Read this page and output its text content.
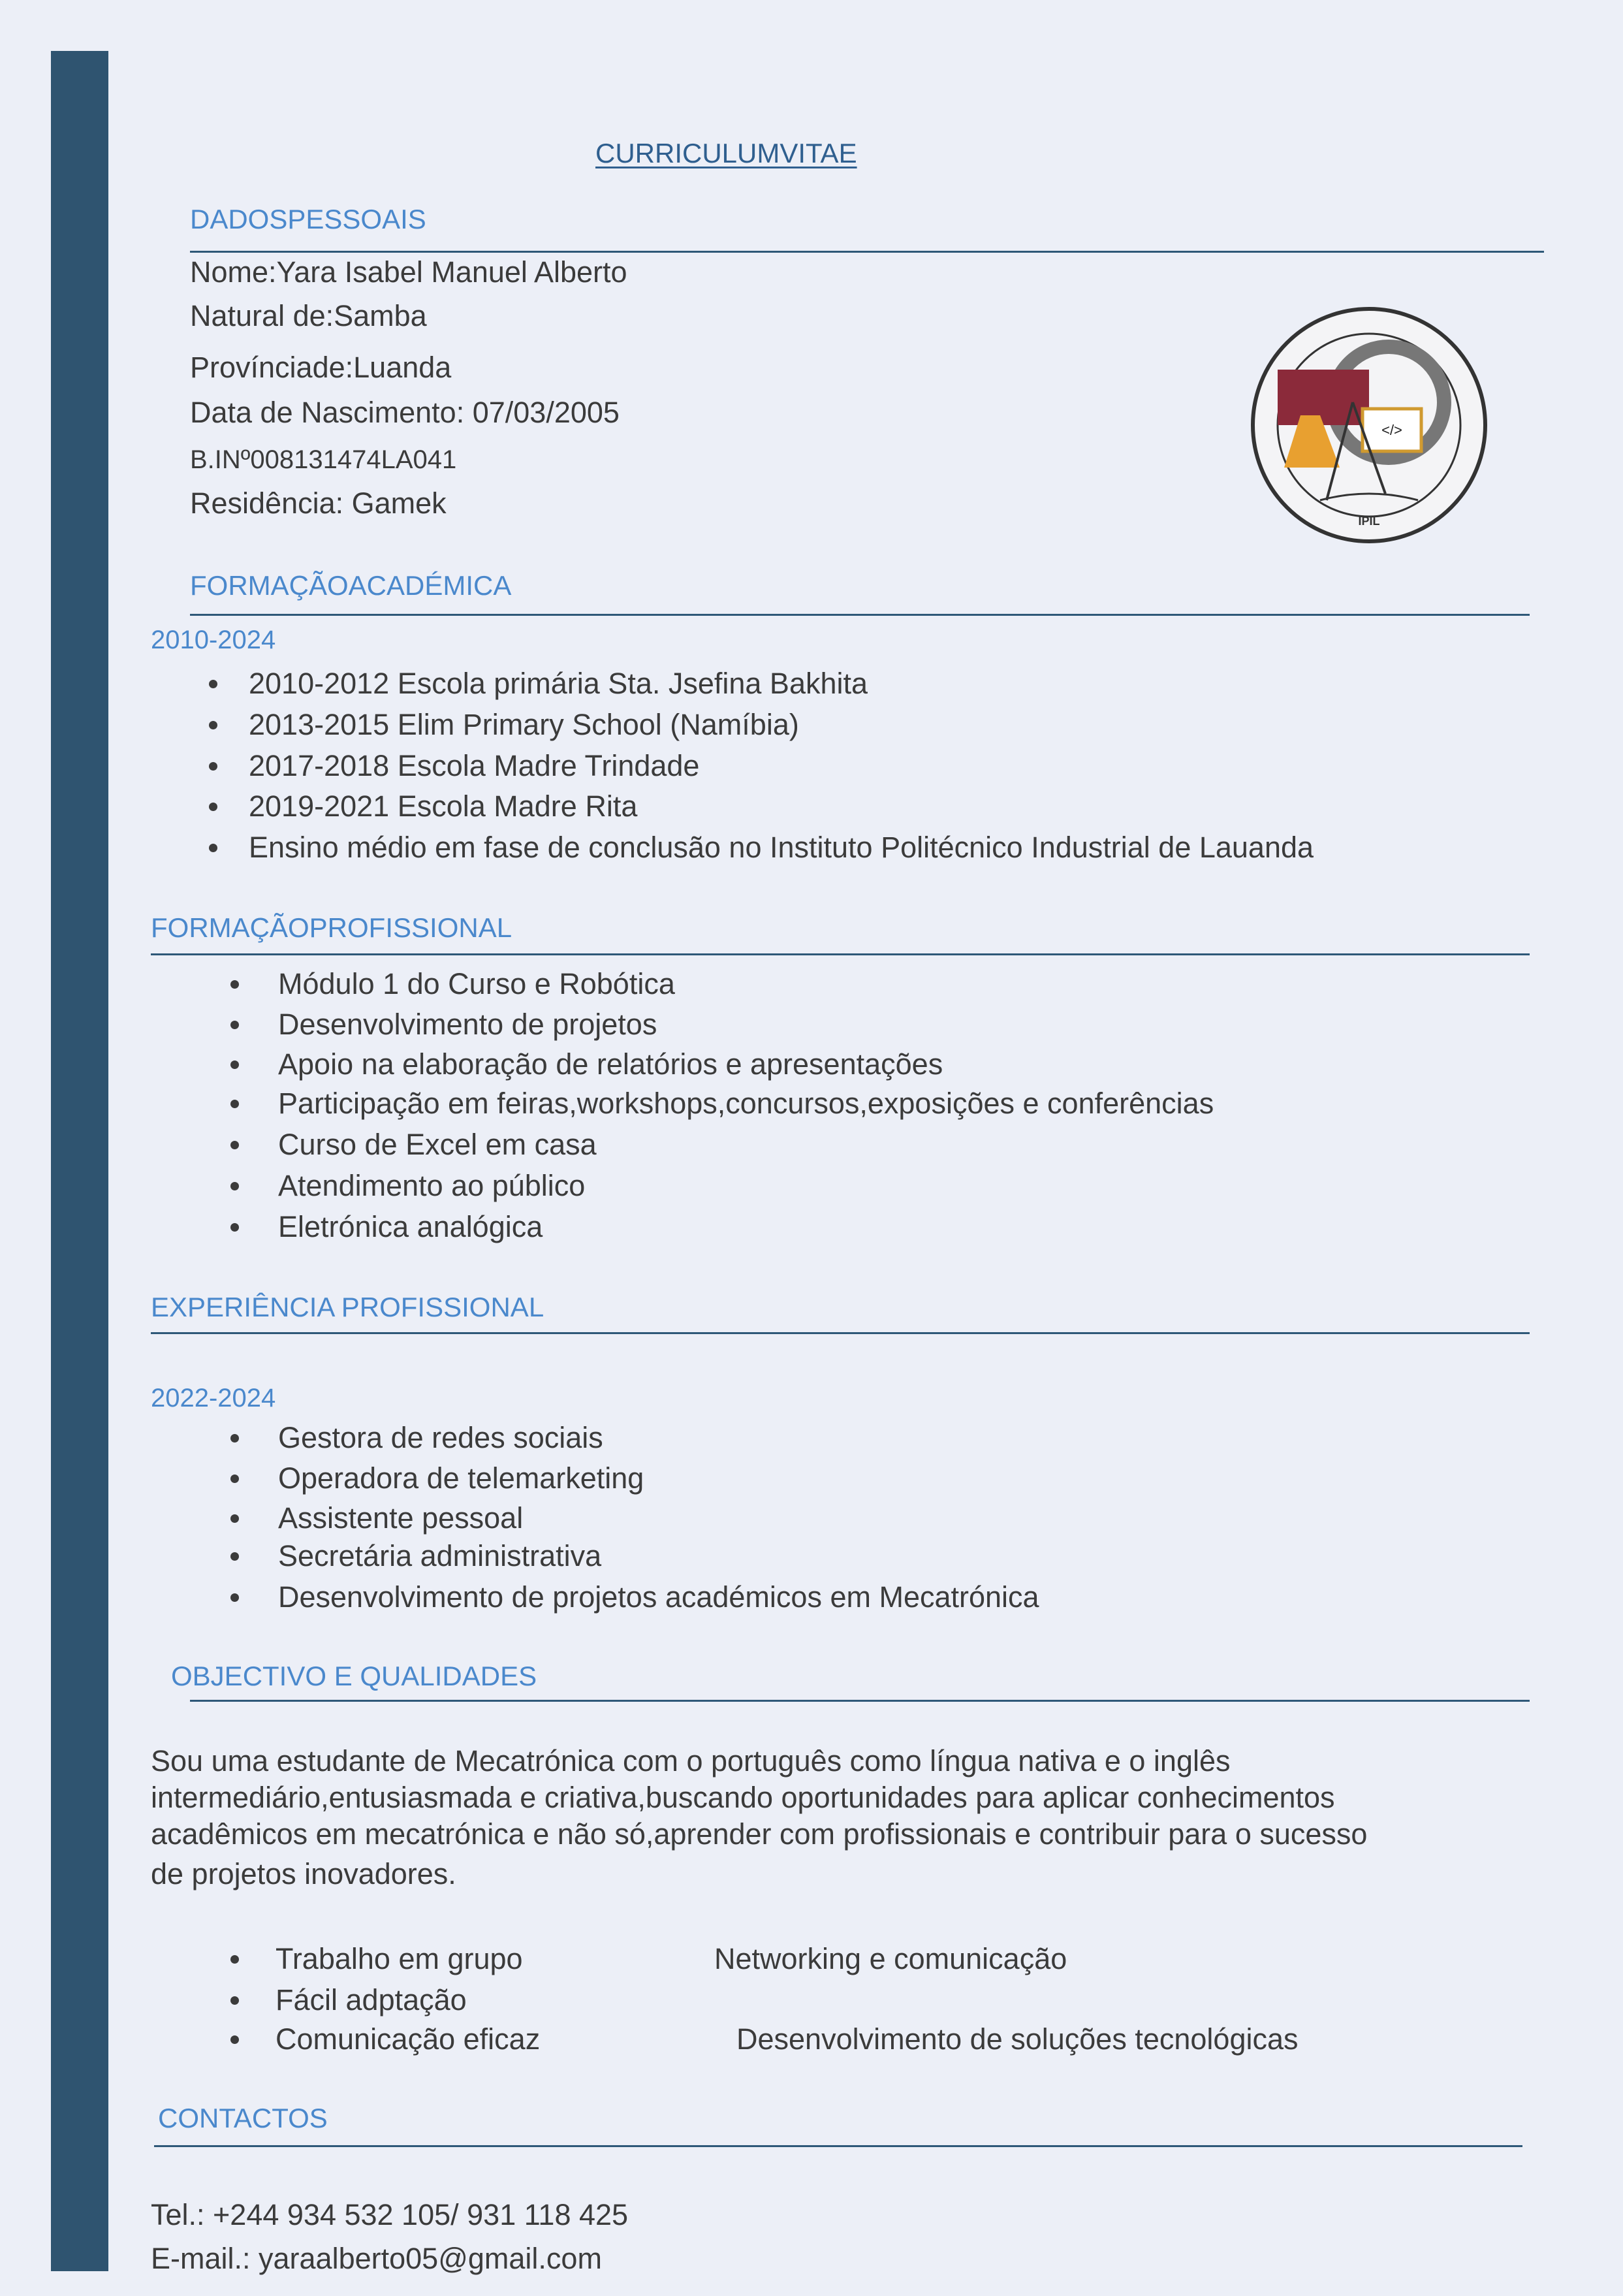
CURRICULUMVITAE
DADOSPESSOAIS
Nome:Yara Isabel Manuel Alberto
Natural de:Samba
Provínciade:Luanda
Data de Nascimento: 07/03/2005
B.INº008131474LA041
Residência: Gamek
</>
IPIL
FORMAÇÃOACADÉMICA
2010-2024
2010-2012 Escola primária Sta. Jsefina Bakhita
2013-2015 Elim Primary School (Namíbia)
2017-2018 Escola Madre Trindade
2019-2021 Escola Madre Rita
Ensino médio em fase de conclusão no Instituto Politécnico Industrial de Lauanda
FORMAÇÃOPROFISSIONAL
Módulo 1 do Curso e Robótica
Desenvolvimento de projetos
Apoio na elaboração de relatórios e apresentações
Participação em feiras,workshops,concursos,exposições e conferências
Curso de Excel em casa
Atendimento ao público
Eletrónica analógica
EXPERIÊNCIA PROFISSIONAL
2022-2024
Gestora de redes sociais
Operadora de telemarketing
Assistente pessoal
Secretária administrativa
Desenvolvimento de projetos académicos em Mecatrónica
OBJECTIVO E QUALIDADES
Sou uma estudante de Mecatrónica com o português como língua nativa e o inglês
intermediário,entusiasmada e criativa,buscando oportunidades para aplicar conhecimentos
acadêmicos em mecatrónica e não só,aprender com profissionais e contribuir para o sucesso
de projetos inovadores.
Trabalho em grupo
Fácil adptação
Comunicação eficaz
Networking e comunicação
Desenvolvimento de soluções tecnológicas
CONTACTOS
Tel.: +244 934 532 105/ 931 118 425
E-mail.: yaraalberto05@gmail.com
